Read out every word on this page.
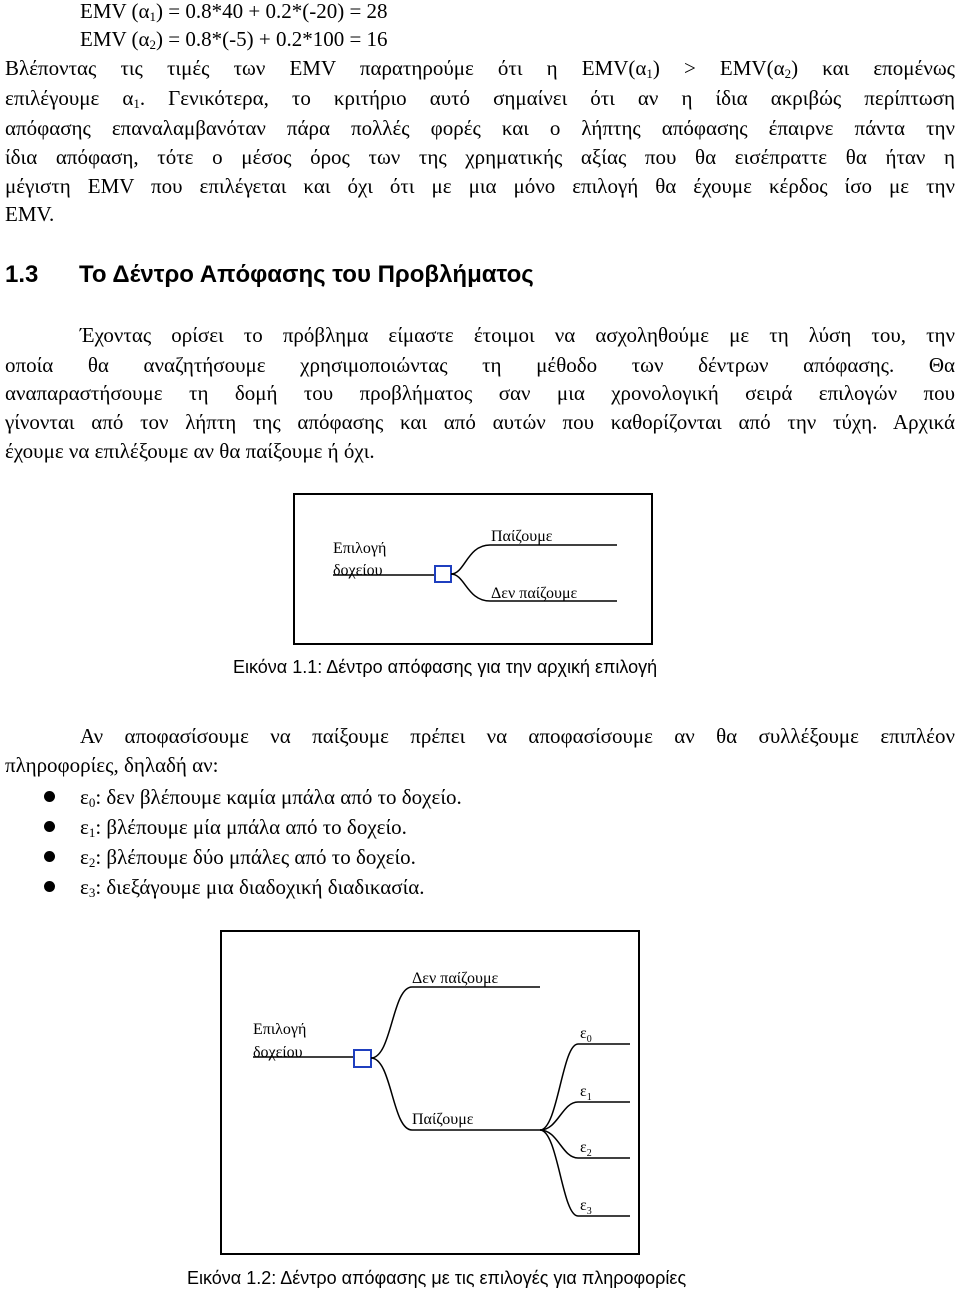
EMV $(\alpha_1) = 0.8*40 + 0.2*(-20) = 28$
EMV $(\alpha_2) = 0.8*(-5) + 0.2*100 = 16$
Βλέποντας τις τιμές των EMV παρατηρούμε ότι η $EMV(\alpha_1) > EMV(\alpha_2)$ και επομένως
επιλέγουμε $\alpha_1$. Γενικότερα, το κριτήριο αυτό σημαίνει ότι αν η ίδια ακριβώς περίπτωση
απόφασης επαναλαμβανόταν πάρα πολλές φορές και ο λήπτης απόφασης έπαιρνε πάντα την
ίδια απόφαση, τότε ο μέσος όρος των της χρηματικής αξίας που θα εισέπραττε θα ήταν η
μέγιστη EMV που επιλέγεται και όχι ότι με μια μόνο επιλογή θα έχουμε κέρδος ίσο με την
EMV.
1.3 Το Δέντρο Απόφασης του Προβλήματος
Έχοντας ορίσει το πρόβλημα είμαστε έτοιμοι να ασχοληθούμε με τη λύση του, την
οποία θα αναζητήσουμε χρησιμοποιώντας τη μέθοδο των δέντρων απόφασης. Θα
αναπαραστήσουμε τη δομή του προβλήματος σαν μια χρονολογική σειρά επιλογών που
γίνονται από τον λήπτη της απόφασης και από αυτών που καθορίζονται από την τύχη. Αρχικά
έχουμε να επιλέξουμε αν θα παίξουμε ή όχι.
Επιλογή
δοχείου
Παίζουμε
Δεν παίζουμε
Εικόνα 1.1: Δέντρο απόφασης για την αρχική επιλογή
Αν αποφασίσουμε να παίξουμε πρέπει να αποφασίσουμε αν θα συλλέξουμε επιπλέον
πληροφορίες, δηλαδή αν:
$\varepsilon_0$: δεν βλέπουμε καμία μπάλα από το δοχείο.
$\varepsilon_1$: βλέπουμε μία μπάλα από το δοχείο.
$\varepsilon_2$: βλέπουμε δύο μπάλες από το δοχείο.
$\varepsilon_3$: διεξάγουμε μια διαδοχική διαδικασία.
Επιλογή
δοχείου
Δεν παίζουμε
Παίζουμε
$\varepsilon_0$
$\varepsilon_1$
$\varepsilon_2$
$\varepsilon_3$
Εικόνα 1.2: Δέντρο απόφασης με τις επιλογές για πληροφορίες
